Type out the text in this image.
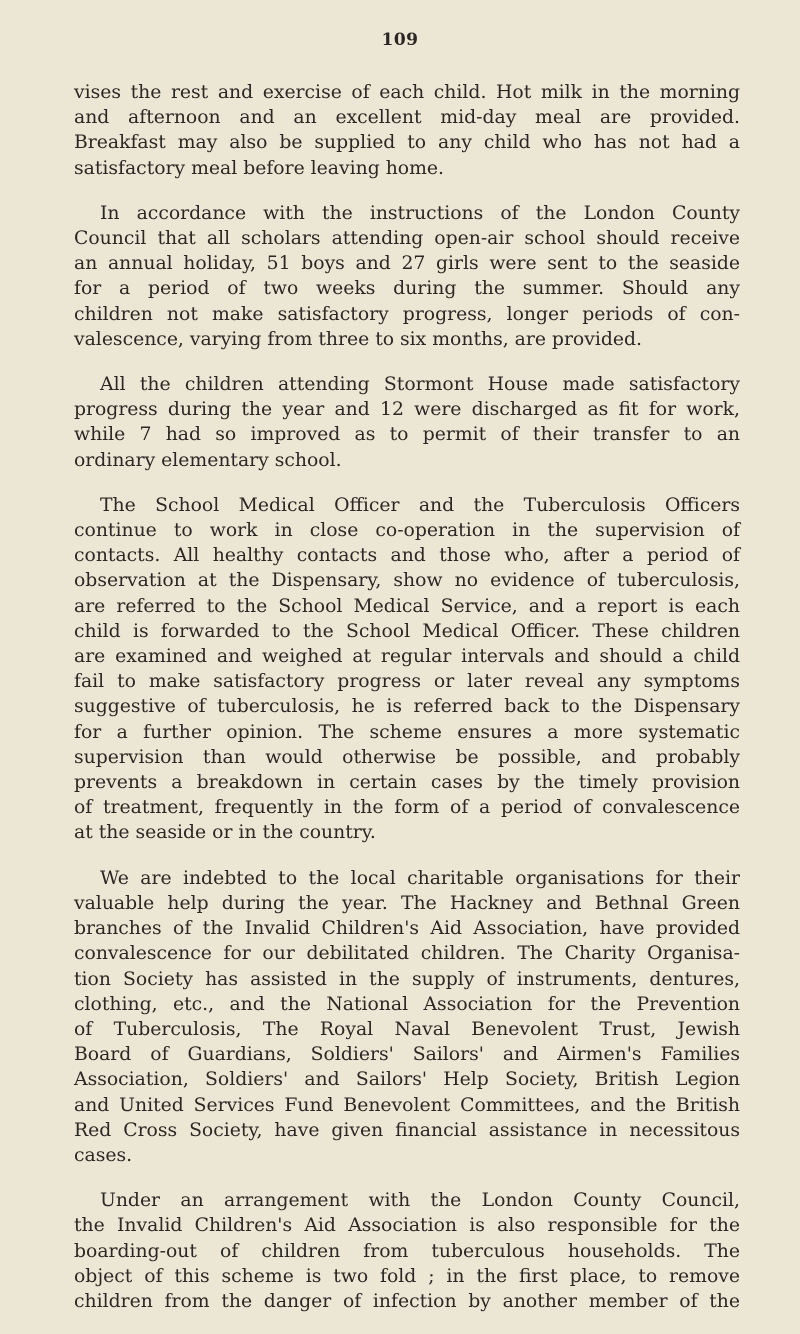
109

vises the rest and exercise of each child. Hot milk in the morning
and afternoon and an excellent mid-day meal are provided.
Breakfast may also be supplied to any child who has not had a
satisfactory meal before leaving home.

In accordance with the instructions of the London County
Council that all scholars attending open-air school should receive
an annual holiday, 51 boys and 27 girls were sent to the seaside
for a period of two weeks during the summer. Should any
children not make satisfactory progress, longer periods of con-
valescence, varying from three to six months, are provided.

All the children attending Stormont House made satisfactory
progress during the year and 12 were discharged as fit for work,
while 7 had so improved as to permit of their transfer to an
ordinary elementary school.

The School Medical Officer and the Tuberculosis Officers
continue to work in close co-operation in the supervision of
contacts. All healthy contacts and those who, after a period of
observation at the Dispensary, show no evidence of tuberculosis,
are referred to the School Medical Service, and a report is each
child is forwarded to the School Medical Officer. These children
are examined and weighed at regular intervals and should a child
fail to make satisfactory progress or later reveal any symptoms
suggestive of tuberculosis, he is referred back to the Dispensary
for a further opinion. The scheme ensures a more systematic
supervision than would otherwise be possible, and probably
prevents a breakdown in certain cases by the timely provision
of treatment, frequently in the form of a period of convalescence
at the seaside or in the country.

We are indebted to the local charitable organisations for their
valuable help during the year. The Hackney and Bethnal Green
branches of the Invalid Children's Aid Association, have provided
convalescence for our debilitated children. The Charity Organisa-
tion Society has assisted in the supply of instruments, dentures,
clothing, etc., and the National Association for the Prevention
of Tuberculosis, The Royal Naval Benevolent Trust, Jewish
Board of Guardians, Soldiers' Sailors' and Airmen's Families
Association, Soldiers' and Sailors' Help Society, British Legion
and United Services Fund Benevolent Committees, and the British
Red Cross Society, have given financial assistance in necessitous
cases.

Under an arrangement with the London County Council,
the Invalid Children's Aid Association is also responsible for the
boarding-out of children from tuberculous households. The
object of this scheme is two fold ; in the first place, to remove
children from the danger of infection by another member of the
